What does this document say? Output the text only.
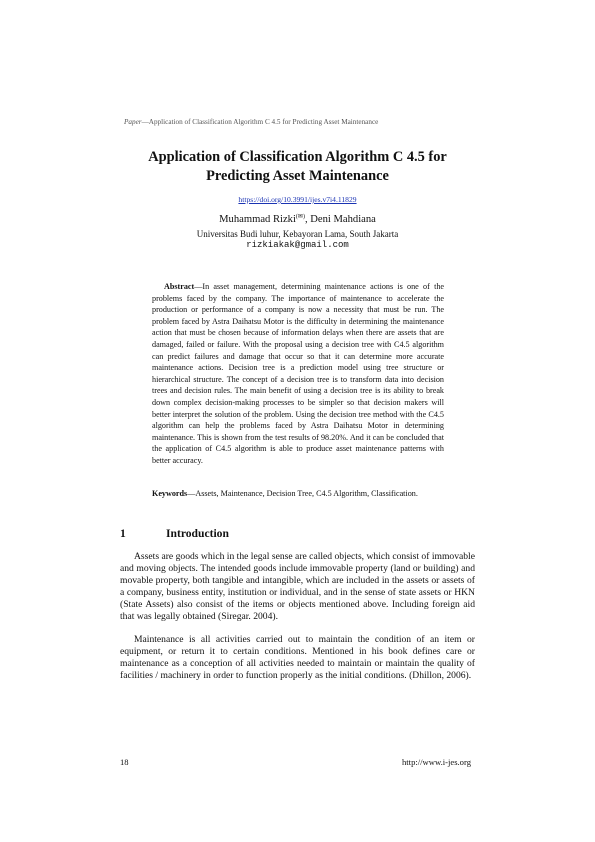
Paper—Application of Classification Algorithm C 4.5 for Predicting Asset Maintenance
Application of Classification Algorithm C 4.5 for
Predicting Asset Maintenance
https://doi.org/10.3991/ijes.v7i4.11829
Muhammad Rizki(✉), Deni Mahdiana
Universitas Budi luhur, Kebayoran Lama, South Jakarta
rizkiakak@gmail.com
Abstract—In asset management, determining maintenance actions is one of the problems faced by the company. The importance of maintenance to accelerate the production or performance of a company is now a necessity that must be run. The problem faced by Astra Daihatsu Motor is the difficulty in determining the maintenance action that must be chosen because of information delays when there are assets that are damaged, failed or failure. With the proposal using a decision tree with C4.5 algorithm can predict failures and damage that occur so that it can determine more accurate maintenance actions. Decision tree is a prediction model using tree structure or hierarchical structure. The concept of a decision tree is to transform data into decision trees and decision rules. The main benefit of using a decision tree is its ability to break down complex decision-making processes to be simpler so that decision makers will better interpret the solution of the problem. Using the decision tree method with the C4.5 algorithm can help the problems faced by Astra Daihatsu Motor in determining maintenance. This is shown from the test results of 98.20%. And it can be concluded that the application of C4.5 algorithm is able to produce asset maintenance patterns with better accuracy.
Keywords—Assets, Maintenance, Decision Tree, C4.5 Algorithm, Classification.
1	Introduction
Assets are goods which in the legal sense are called objects, which consist of immovable and moving objects. The intended goods include immovable property (land or building) and movable property, both tangible and intangible, which are included in the assets or assets of a company, business entity, institution or individual, and in the sense of state assets or HKN (State Assets) also consist of the items or objects mentioned above. Including foreign aid that was legally obtained (Siregar. 2004).
Maintenance is all activities carried out to maintain the condition of an item or equipment, or return it to certain conditions. Mentioned in his book defines care or maintenance as a conception of all activities needed to maintain or maintain the quality of facilities / machinery in order to function properly as the initial conditions. (Dhillon, 2006).
18	http://www.i-jes.org
